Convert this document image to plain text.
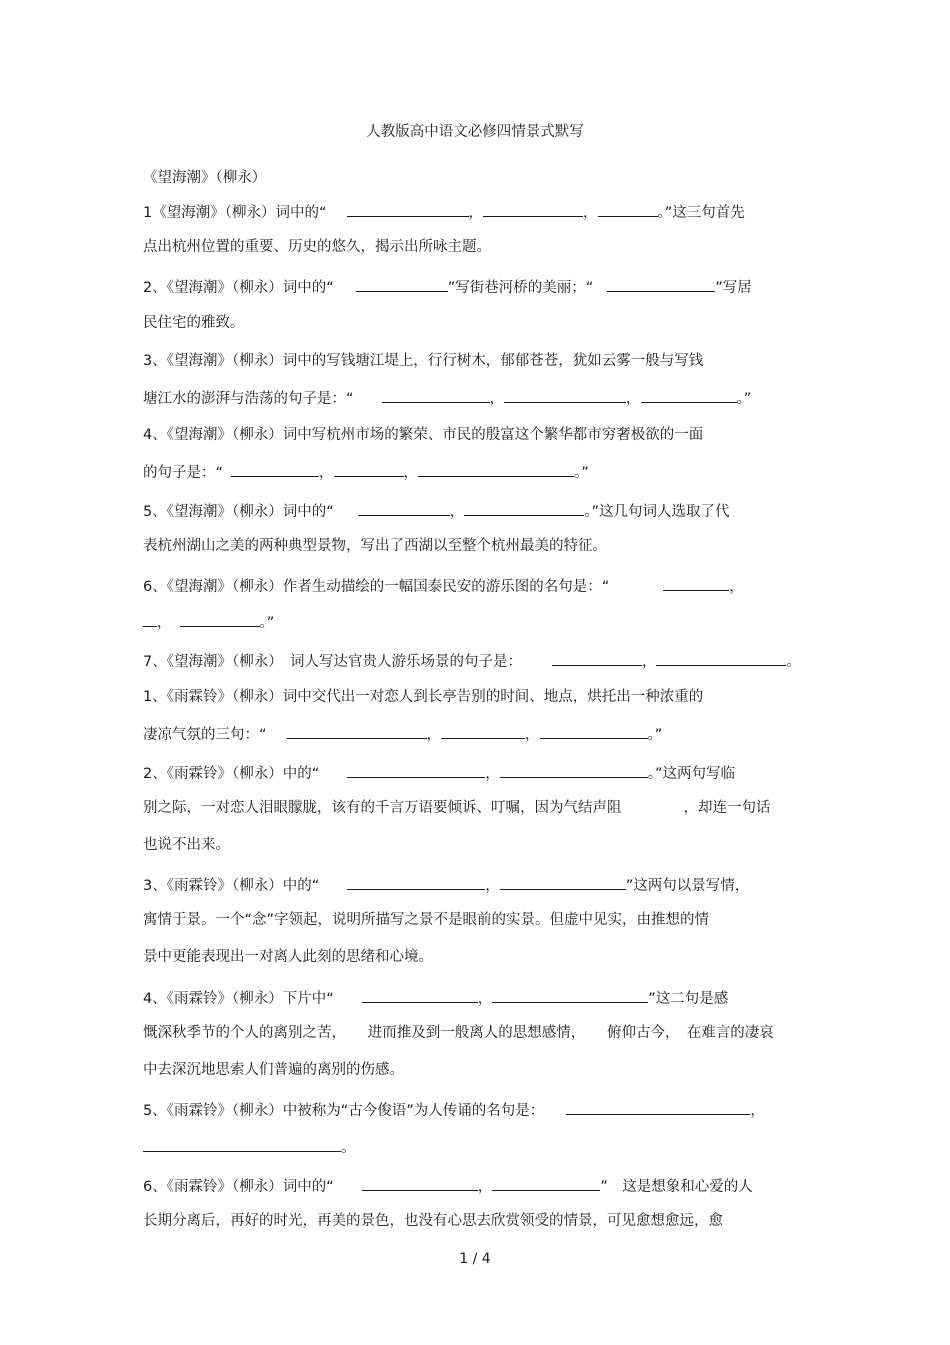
人教版高中语文必修四情景式默写
《望海潮》（柳永）
1《望海潮》（柳永）词中的“	，	，	。”这三句首先
点出杭州位置的重要、历史的悠久，揭示出所咏主题。
2、《望海潮》（柳永）词中的“	”写街巷河桥的美丽；“	”写居
民住宅的雅致。
3、《望海潮》（柳永）词中的写钱塘江堤上，行行树木，郁郁苍苍，犹如云雾一般与写钱
塘江水的澎湃与浩荡的句子是：“	，	，	。”
4、《望海潮》（柳永）词中写杭州市场的繁荣、市民的殷富这个繁华都市穷奢极欲的一面
的句子是：“	，	，	。”
5、《望海潮》（柳永）词中的“	，	。”这几句词人选取了代
表杭州湖山之美的两种典型景物，写出了西湖以至整个杭州最美的特征。
6、《望海潮》（柳永）作者生动描绘的一幅国泰民安的游乐图的名句是：“	，
，	。”
7、《望海潮》（柳永）　词人写达官贵人游乐场景的句子是：	，	。
1、《雨霖铃》（柳永）词中交代出一对恋人到长亭告别的时间、地点，烘托出一种浓重的
凄凉气氛的三句：“	，	，	。”
2、《雨霖铃》（柳永）中的“	，	。”这两句写临
别之际，一对恋人泪眼朦胧，该有的千言万语要倾诉、叮嘱，因为气结声阻	，却连一句话
也说不出来。
3、《雨霖铃》（柳永）中的“	，	”这两句以景写情，
寓情于景。一个“念”字领起，说明所描写之景不是眼前的实景。但虚中见实，由推想的情
景中更能表现出一对离人此刻的思绪和心境。
4、《雨霖铃》（柳永）下片中“	，	”这二句是感
慨深秋季节的个人的离别之苦，　　进而推及到一般离人的思想感情，　　俯仰古今，　在难言的凄哀
中去深沉地思索人们普遍的离别的伤感。
5、《雨霖铃》（柳永）中被称为“古今俊语”为人传诵的名句是：	，
。
6、《雨霖铃》（柳永）词中的“	，	”　这是想象和心爱的人
长期分离后，再好的时光，再美的景色，也没有心思去欣赏领受的情景，可见愈想愈远，愈
1 / 4
